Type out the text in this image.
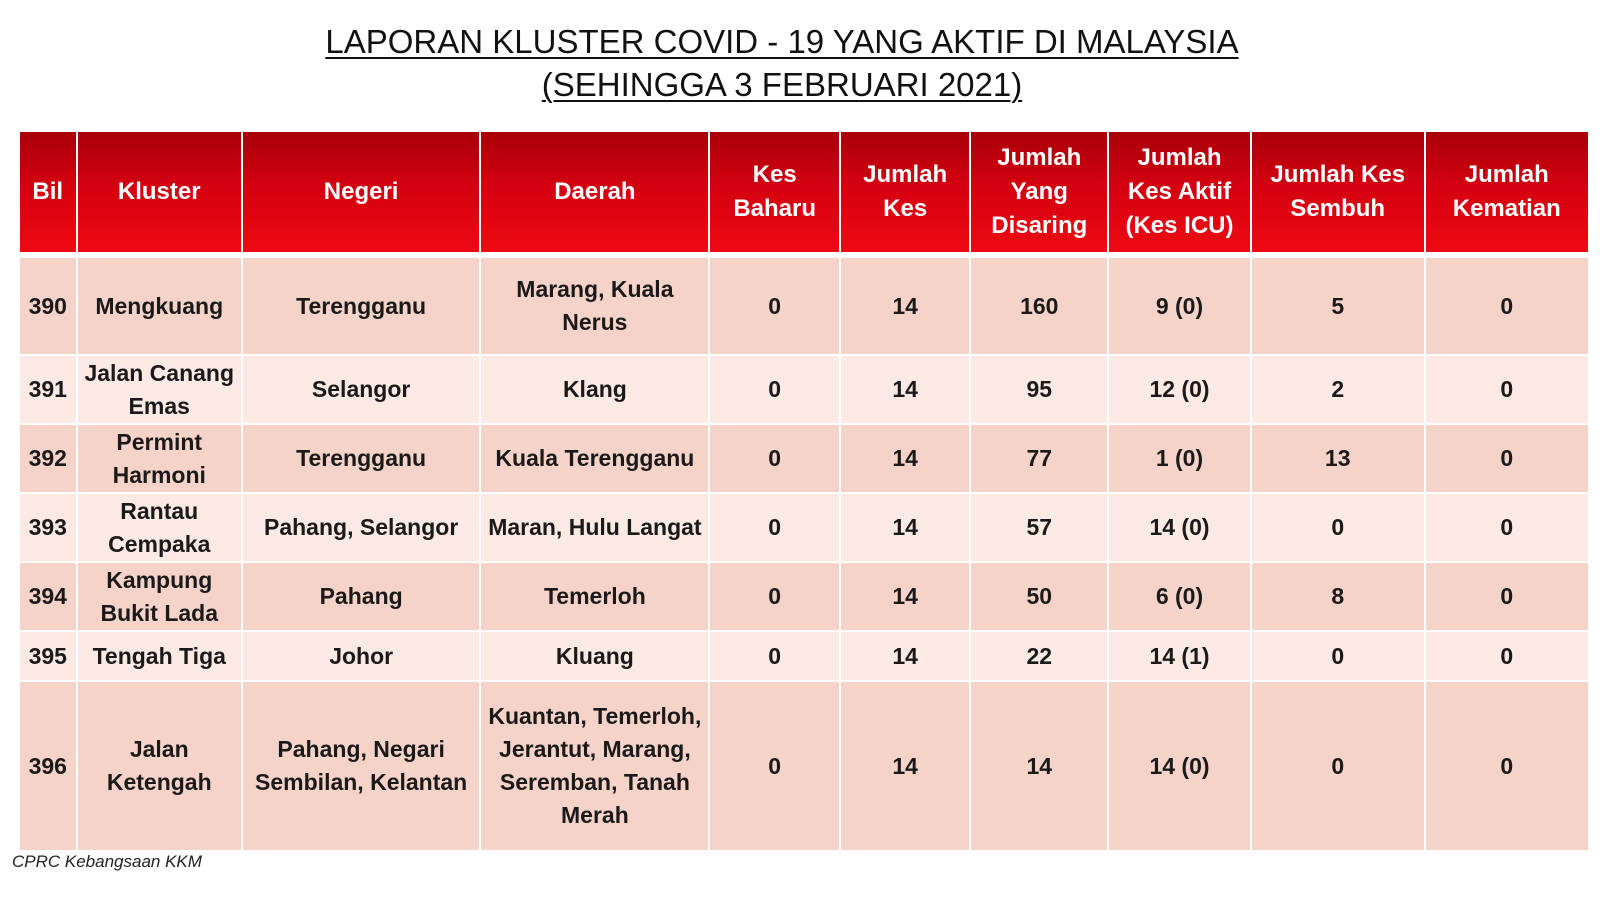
LAPORAN KLUSTER COVID - 19 YANG AKTIF DI MALAYSIA
(SEHINGGA 3 FEBRUARI 2021)
Bil	Kluster	Negeri	Daerah	Kes Baharu	Jumlah Kes	Jumlah Yang Disaring	Jumlah Kes Aktif (Kes ICU)	Jumlah Kes Sembuh	Jumlah Kematian

390	Mengkuang	Terengganu	Marang, Kuala Nerus	0	14	160	9 (0)	5	0
391	Jalan Canang Emas	Selangor	Klang	0	14	95	12 (0)	2	0
392	Permint Harmoni	Terengganu	Kuala Terengganu	0	14	77	1 (0)	13	0
393	Rantau Cempaka	Pahang, Selangor	Maran, Hulu Langat	0	14	57	14 (0)	0	0
394	Kampung Bukit Lada	Pahang	Temerloh	0	14	50	6 (0)	8	0
395	Tengah Tiga	Johor	Kluang	0	14	22	14 (1)	0	0
396	Jalan Ketengah	Pahang, Negari Sembilan, Kelantan	Kuantan, Temerloh, Jerantut, Marang, Seremban, Tanah Merah	0	14	14	14 (0)	0	0
CPRC Kebangsaan KKM
